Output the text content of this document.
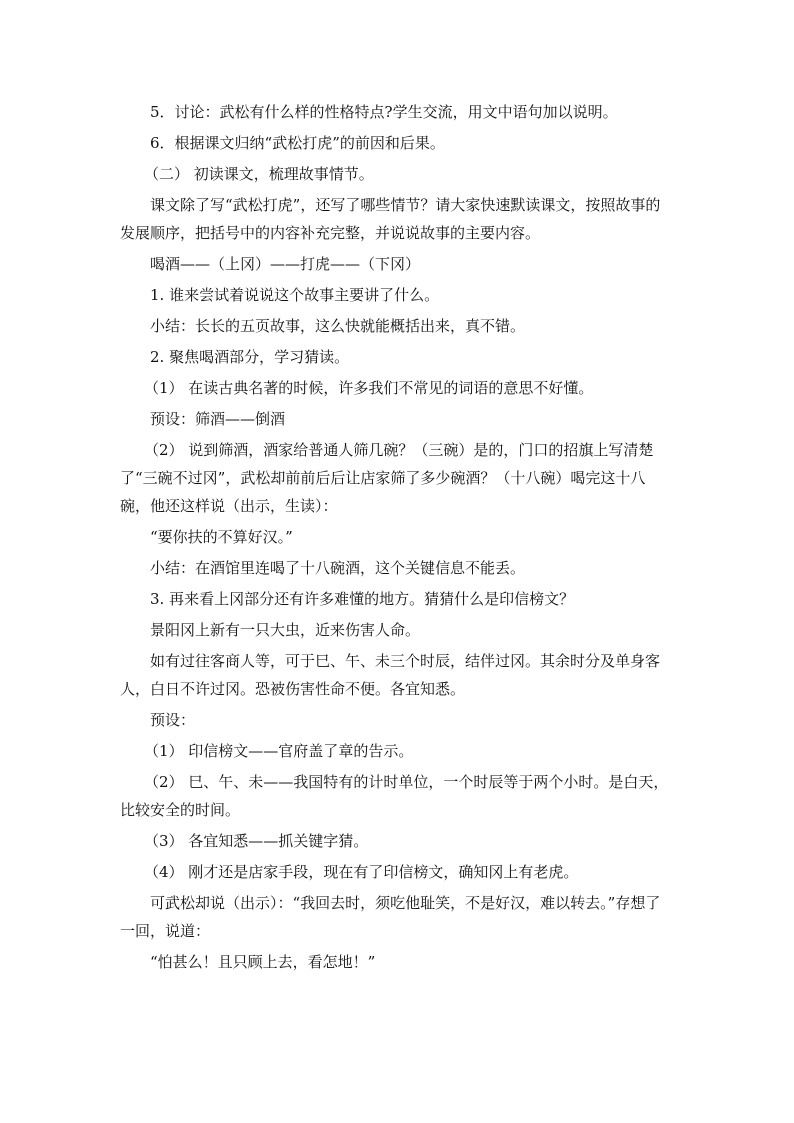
5．讨论：武松有什么样的性格特点?学生交流，用文中语句加以说明。

6．根据课文归纳“武松打虎”的前因和后果。

（二） 初读课文，梳理故事情节。

课文除了写“武松打虎”，还写了哪些情节？请大家快速默读课文，按照故事的发展顺序，把括号中的内容补充完整，并说说故事的主要内容。

喝酒——（上冈）——打虎——（下冈）

1. 谁来尝试着说说这个故事主要讲了什么。

小结：长长的五页故事，这么快就能概括出来，真不错。

2. 聚焦喝酒部分，学习猜读。

（1） 在读古典名著的时候，许多我们不常见的词语的意思不好懂。

预设：筛酒——倒酒

（2） 说到筛酒，酒家给普通人筛几碗？（三碗）是的，门口的招旗上写清楚了“三碗不过冈”，武松却前前后后让店家筛了多少碗酒？（十八碗）喝完这十八碗，他还这样说（出示，生读）：

“要你扶的不算好汉。”

小结：在酒馆里连喝了十八碗酒，这个关键信息不能丢。

3. 再来看上冈部分还有许多难懂的地方。猜猜什么是印信榜文？

景阳冈上新有一只大虫，近来伤害人命。

如有过往客商人等，可于巳、午、未三个时辰，结伴过冈。其余时分及单身客人，白日不许过冈。恐被伤害性命不便。各宜知悉。

预设：

（1） 印信榜文——官府盖了章的告示。

（2） 巳、午、未——我国特有的计时单位，一个时辰等于两个小时。是白天，比较安全的时间。

（3） 各宜知悉——抓关键字猜。

（4） 刚才还是店家手段，现在有了印信榜文，确知冈上有老虎。

可武松却说（出示）：“我回去时，须吃他耻笑，不是好汉，难以转去。”存想了一回，说道：

“怕甚么！且只顾上去，看怎地！”
